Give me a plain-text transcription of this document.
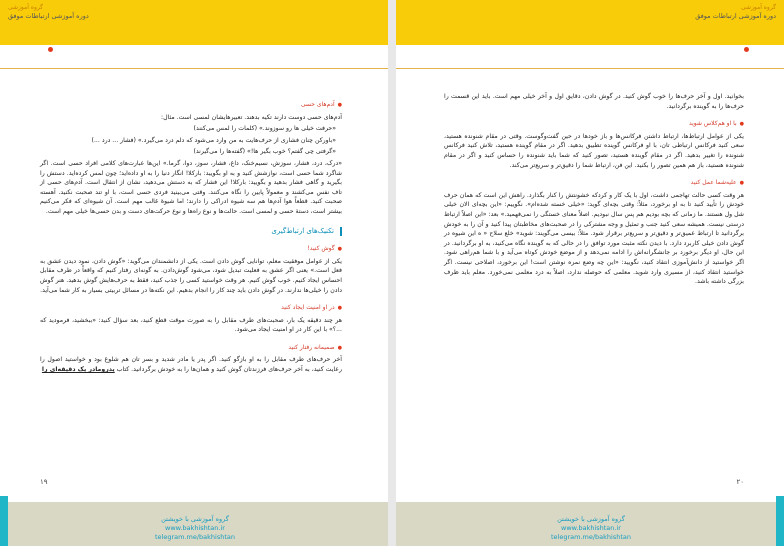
گروه آموزشی
دوره آموزشی ارتباطات موفق
● آدم‌های حسی
آدم‌های حسی دوست دارند تکیه بدهند. تعبیرهایشان لمسی است. مثال:
«حرفت خیلی ها رو سوزوند.» (کلمات را لمس می‌کنند)
«باورکن چنان فشاری از حرف‌هایت به من وارد می‌شود که دلم درد می‌گیرد.» (فشار ... درد ...)
«گرفتی چی گفتم؟ خوب بگیر ها!» (گفته‌ها را می‌گیرند)
«درک، درد، فشار، سوزش، نسیم‌خنک، داغ، فشار، سوز، دوا، گرما.» این‌ها عبارت‌های کلامی افراد حسی است. اگر شاگرد شما حسی است، نوازشش کنید و به او بگویید: بارکلا! انگار دنیا را به او داده‌اید؛ چون لمس کرده‌اید. دستش را بگیرید و گاهی فشار بدهید و بگویید: بارکلا! این فشار که به دستش می‌دهید، نشان از انتقال است. آدم‌های حسی از تاف نفس می‌کشند و معمولاً پایین را نگاه می‌کنند. وقتی می‌بینید فردی حسی است، با او تند صحبت نکنید. آهسته صحبت کنید. قطعاً هوا آدم‌ها هم سه شیوه ادراکی را دارند؛ اما شیوهٔ غالب مهم است. آن شیوه‌ای که فکر می‌کنیم بیشتر است، دستهٔ حسی و لمسی است. حالت‌ها و نوع راه‌ها و نوع حرکت‌های دست و بدن حسی‌ها خیلی مهم است.
تکنیک‌های ارتباط‌گیری
● گوش کنید!
یکی از عوامل موفقیت معلم، توانایی گوش دادن است. یکی از دانشمندان می‌گوید: «گوش دادن، نمود دیدن عشق به فعل است.» یعنی اگر عشق به فعلیت تبدیل شود، می‌شود گوش‌دادن. به گونه‌ای رفتار کنیم که واقعاً در طرف مقابل احساس ایجاد کنیم. خوب گوش کنیم. هر وقت خواستید کسی را جذب کنید، فقط به حرف‌هایش گوش بدهید. هنر گوش دادن را خیلی‌ها ندارند. در گوش دادن باید چند کار را انجام بدهیم. این نکته‌ها در مسائل تربیتی بسیار به کار شما می‌آید.
● در او امنیت ایجاد کنید
هر چند دقیقه یک بار، صحبت‌های طرف مقابل را به صورت موقت قطع کنید، بعد سؤال کنید: «ببخشید، فرمودید که ...؟» با این کار در او امنیت ایجاد می‌شود.
● صمیمانه رفتار کنید
آخر حرف‌های طرف مقابل را به او بازگو کنید. اگر پدر یا مادر شدید و بسر تان هم شلوغ بود و خواستید اصول را رعایت کنید، به آخر حرف‌های فرزندتان گوش کنید و همان‌ها را به خودش برگردانید. کتاب پدرومادر یک دقیقه‌ای را
۱۹
گروه آموزشی با خویشتن
www.bakhishtan.ir
telegram.me/bakhishtan
گروه آموزشی
دوره آموزشی ارتباطات موفق
بخوانید. اول و آخر حرف‌ها را خوب گوش کنید. در گوش دادن، دقایق اول و آخر خیلی مهم است. باید این قسمت را حرف‌ها را به گوینده برگردانید.
● با او هم‌کلاس شوید
یکی از عوامل ارتباط‌ها، ارتباط داشتن فرکانس‌ها و باز خودها در حین گفت‌وگوست. وقتی در مقام شنونده هستید، سعی کنید فرکانس ارتباطی تان، با او فرکانس گوینده تطبیق بدهید. اگر در مقام گوینده هستید، تلاش کنید فرکانس شنونده را تغییر بدهید. اگر در مقام گوینده هستید، تصور کنید که شما باید شنونده را حساس کنید و اگر در مقام شنونده هستید، باز هم همین تصور را بکنید. این فن، ارتباط شما را دقیق‌تر و سریع‌تر می‌کند.
● علیه‌شما عمل کنید
هر وقت کسی حالت تهاجمی داشت، اول با یک کار و کردکه خشونتش را کنار بگذارد. راهش این است که همان حرف خودش را تأیید کنید تا به او برخورد، مثلاً: وقتی بچه‌ای گوید: «خیلی خسته شده‌ام». نگوییم: «این بچه‌ای الان خیلی شل ول هستند. ما زمانی که بچه بودیم هم پس سال نبودیم. اصلاً معنای خستگی را نمی‌فهمید.» بعد: «این اصلاً ارتباط درستی نیست. همیشه سعی کنید جنب و تمثیل و وجه مشترکی را در صحبت‌های مخاطبتان پیدا کنید و آن را به خودش برگردانید تا ارتباط عمیق‌تر و دقیق‌تر و سریع‌تر برقرار شود. مثلاً: بیسی می‌گویند: شوید» خلع سلاح « ه این شیوه در گوش دادن خیلی کاربرد دارد. با دیدن نکته مثبت مورد توافق را در حالی که به گوینده نگاه می‌کنید، به او برگردانید. در این حال، او دیگر برخورد بر جانشگرانه‌اش را ادامه نمی‌دهد و از موضع خودش کوتاه می‌آید و با شما هم‌راهی شود. اگر خواستید از دانش‌آموزی انتقاد کنید، نگویید: «این چه وضع نمره‌ نوشتن است! این برخورد، اصلاحی نیست. اگر خواستید انتقاد کنید، از مسیری وارد شوید. معلمی که حوصله ندارد، اصلاً به درد معلمی نمی‌خورد. معلم باید ظرف بزرگی داشته باشد.
۲۰
گروه آموزشی با خویشتن
www.bakhishtan.ir
telegram.me/bakhishtan
